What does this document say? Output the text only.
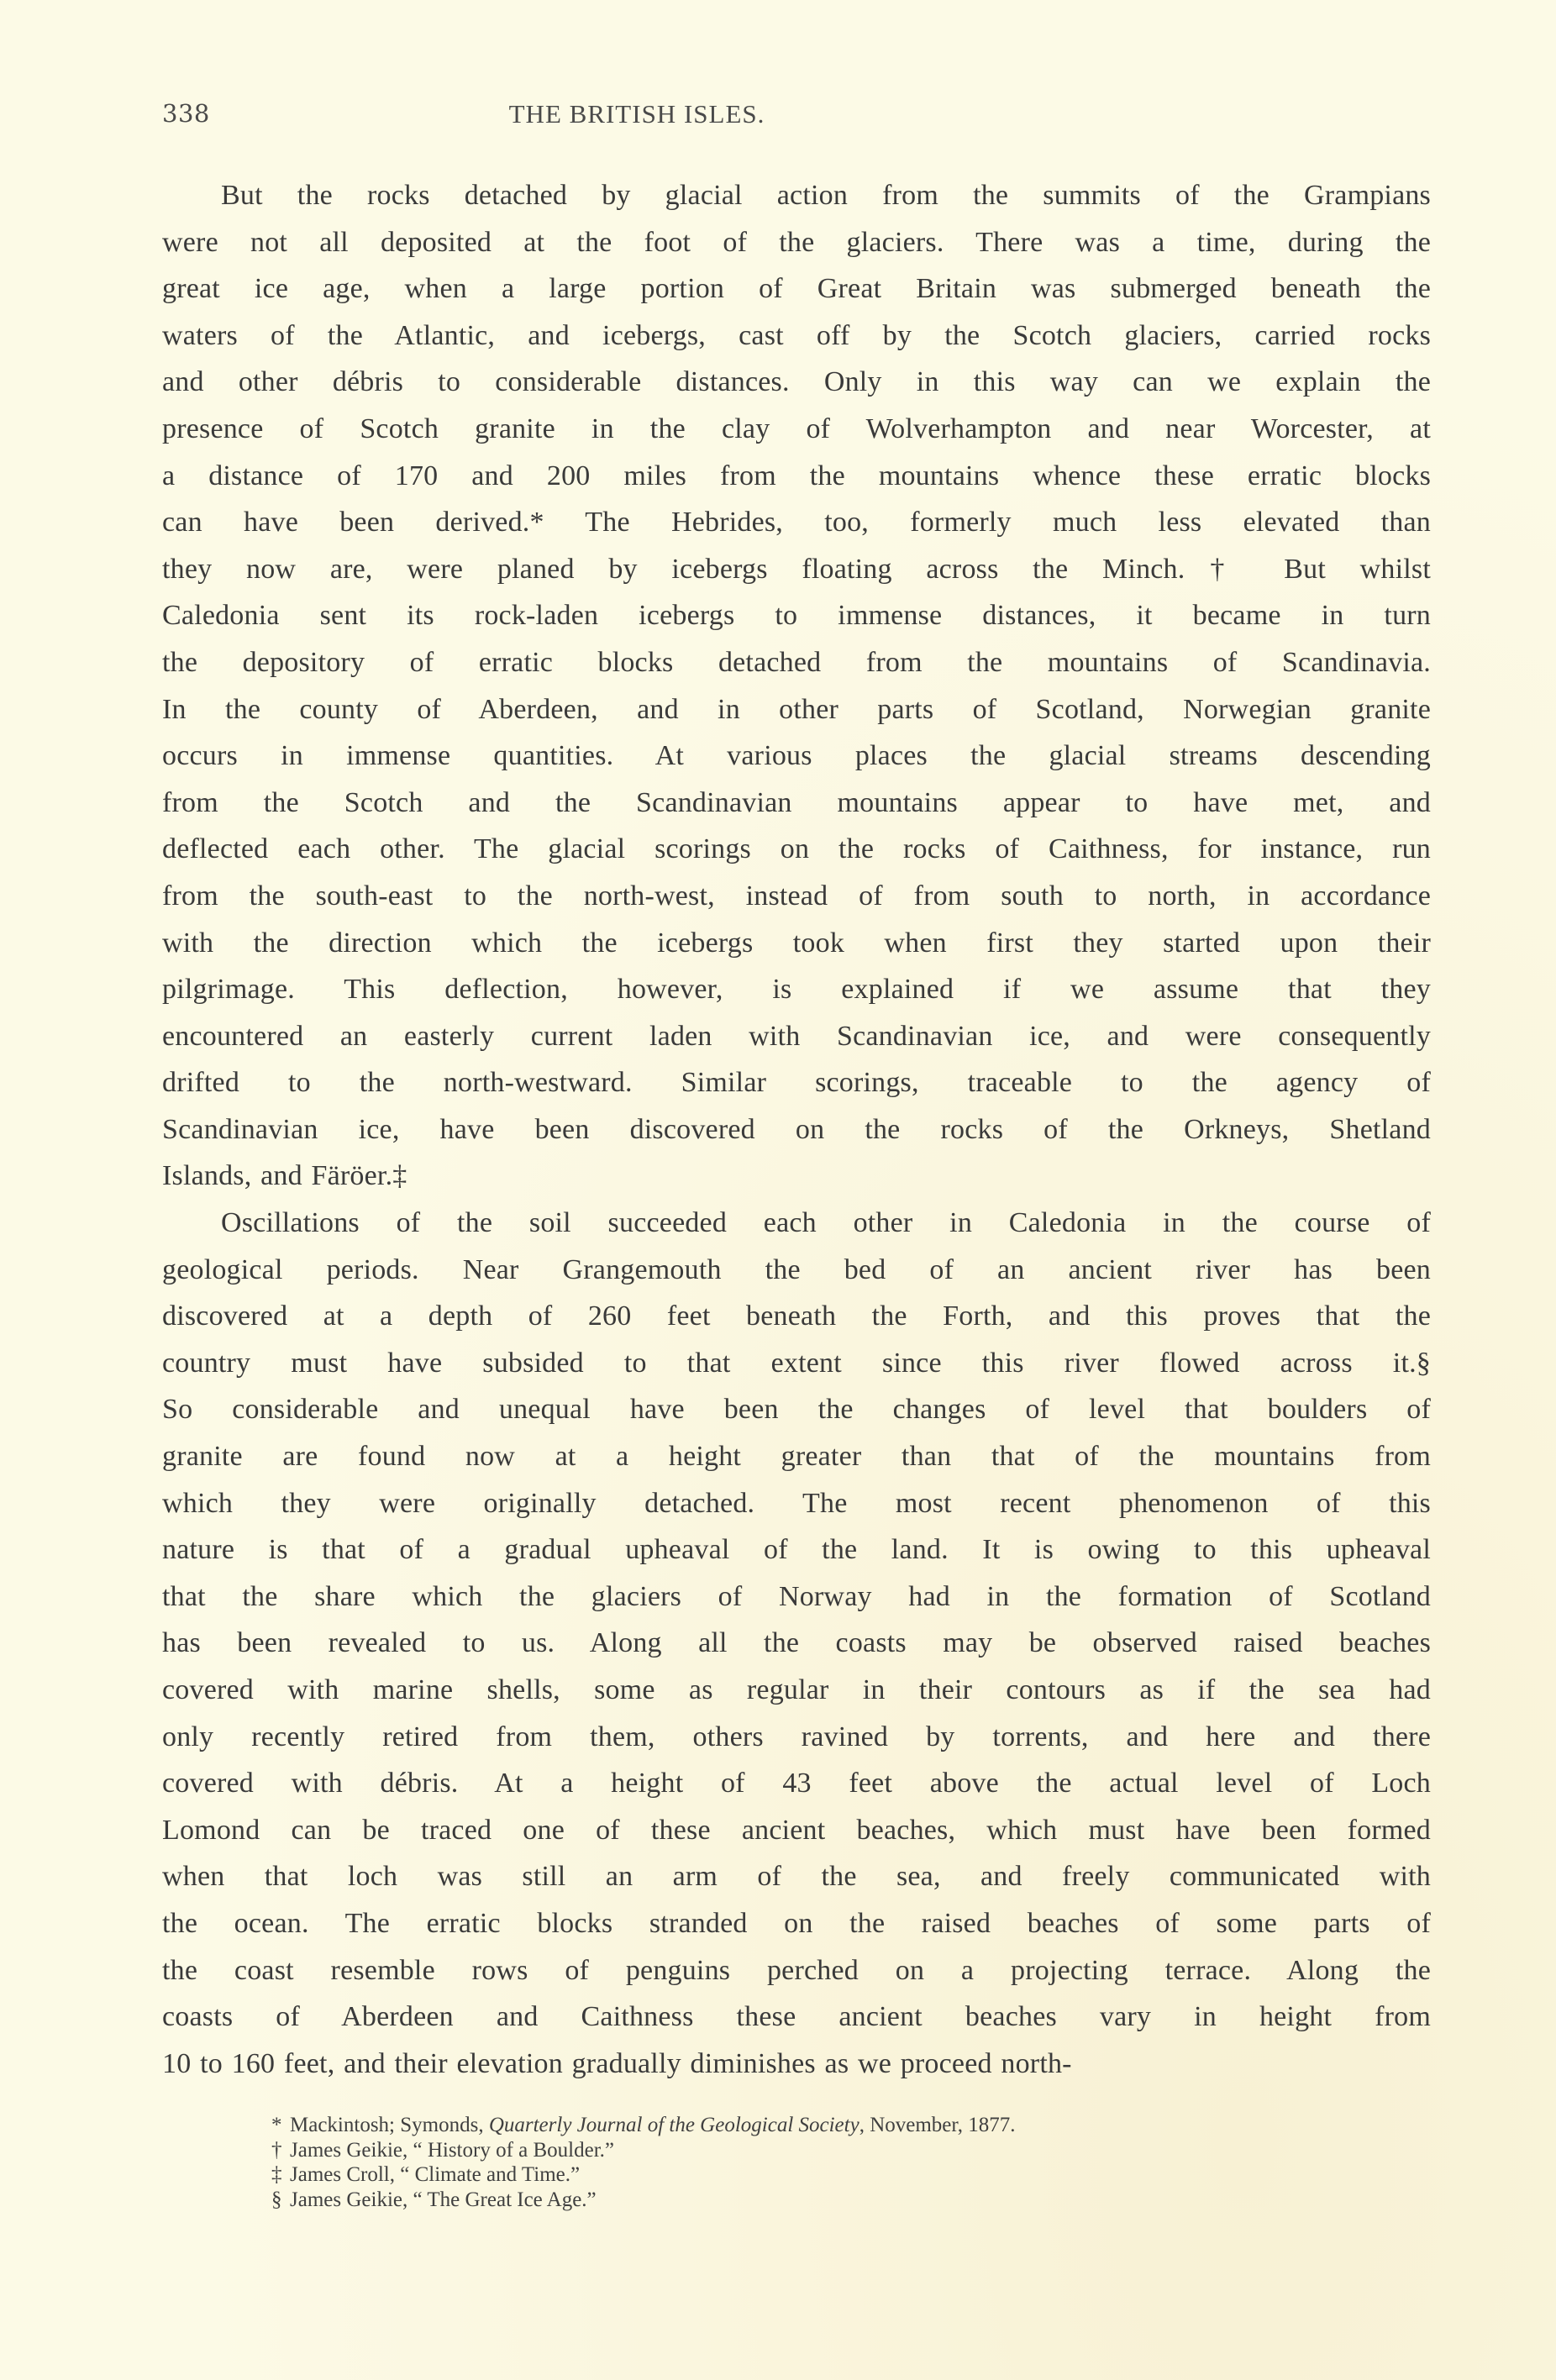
338	THE BRITISH ISLES.
But the rocks detached by glacial action from the summits of the Grampians
were not all deposited at the foot of the glaciers. There was a time, during the
great ice age, when a large portion of Great Britain was submerged beneath the
waters of the Atlantic, and icebergs, cast off by the Scotch glaciers, carried rocks
and other débris to considerable distances. Only in this way can we explain the
presence of Scotch granite in the clay of Wolverhampton and near Worcester, at
a distance of 170 and 200 miles from the mountains whence these erratic blocks
can have been derived.* The Hebrides, too, formerly much less elevated than
they now are, were planed by icebergs floating across the Minch.† But whilst
Caledonia sent its rock-laden icebergs to immense distances, it became in turn
the depository of erratic blocks detached from the mountains of Scandinavia.
In the county of Aberdeen, and in other parts of Scotland, Norwegian granite
occurs in immense quantities. At various places the glacial streams descending
from the Scotch and the Scandinavian mountains appear to have met, and
deflected each other. The glacial scorings on the rocks of Caithness, for instance, run
from the south-east to the north-west, instead of from south to north, in accordance
with the direction which the icebergs took when first they started upon their
pilgrimage. This deflection, however, is explained if we assume that they
encountered an easterly current laden with Scandinavian ice, and were consequently
drifted to the north-westward. Similar scorings, traceable to the agency of
Scandinavian ice, have been discovered on the rocks of the Orkneys, Shetland
Islands, and Färöer.‡
Oscillations of the soil succeeded each other in Caledonia in the course of
geological periods. Near Grangemouth the bed of an ancient river has been
discovered at a depth of 260 feet beneath the Forth, and this proves that the
country must have subsided to that extent since this river flowed across it.§
So considerable and unequal have been the changes of level that boulders of
granite are found now at a height greater than that of the mountains from
which they were originally detached. The most recent phenomenon of this
nature is that of a gradual upheaval of the land. It is owing to this upheaval
that the share which the glaciers of Norway had in the formation of Scotland
has been revealed to us. Along all the coasts may be observed raised beaches
covered with marine shells, some as regular in their contours as if the sea had
only recently retired from them, others ravined by torrents, and here and there
covered with débris. At a height of 43 feet above the actual level of Loch
Lomond can be traced one of these ancient beaches, which must have been formed
when that loch was still an arm of the sea, and freely communicated with
the ocean. The erratic blocks stranded on the raised beaches of some parts of
the coast resemble rows of penguins perched on a projecting terrace. Along the
coasts of Aberdeen and Caithness these ancient beaches vary in height from
10 to 160 feet, and their elevation gradually diminishes as we proceed north-
* Mackintosh; Symonds, Quarterly Journal of the Geological Society, November, 1877.
† James Geikie, “ History of a Boulder.”
‡ James Croll, “ Climate and Time.”
§ James Geikie, “ The Great Ice Age.”
